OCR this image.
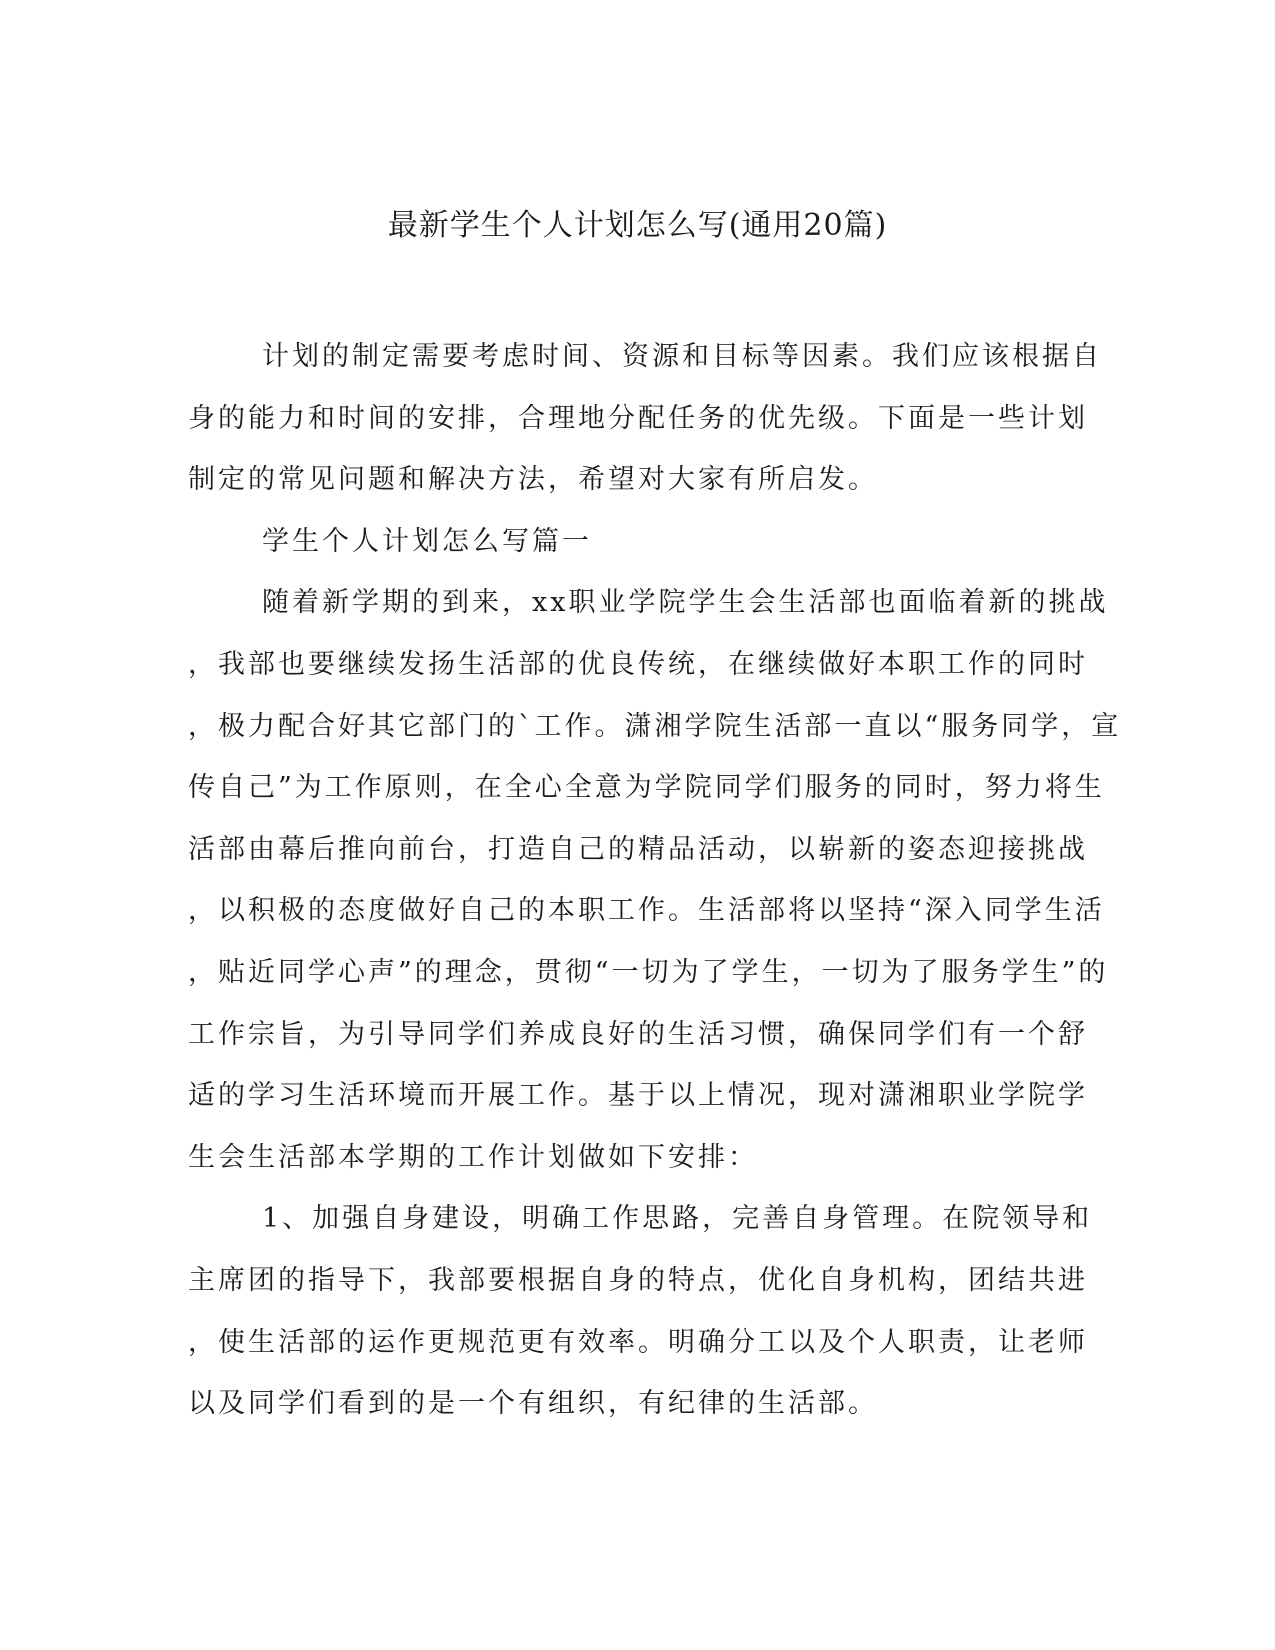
最新学生个人计划怎么写(通用20篇)
计划的制定需要考虑时间、资源和目标等因素。我们应该根据自
身的能力和时间的安排，合理地分配任务的优先级。下面是一些计划
制定的常见问题和解决方法，希望对大家有所启发。
学生个人计划怎么写篇一
随着新学期的到来，xx职业学院学生会生活部也面临着新的挑战
，我部也要继续发扬生活部的优良传统，在继续做好本职工作的同时
，极力配合好其它部门的`工作。潇湘学院生活部一直以“服务同学，宣
传自己”为工作原则，在全心全意为学院同学们服务的同时，努力将生
活部由幕后推向前台，打造自己的精品活动，以崭新的姿态迎接挑战
，以积极的态度做好自己的本职工作。生活部将以坚持“深入同学生活
，贴近同学心声”的理念，贯彻“一切为了学生，一切为了服务学生”的
工作宗旨，为引导同学们养成良好的生活习惯，确保同学们有一个舒
适的学习生活环境而开展工作。基于以上情况，现对潇湘职业学院学
生会生活部本学期的工作计划做如下安排：
1、加强自身建设，明确工作思路，完善自身管理。在院领导和
主席团的指导下，我部要根据自身的特点，优化自身机构，团结共进
，使生活部的运作更规范更有效率。明确分工以及个人职责，让老师
以及同学们看到的是一个有组织，有纪律的生活部。
